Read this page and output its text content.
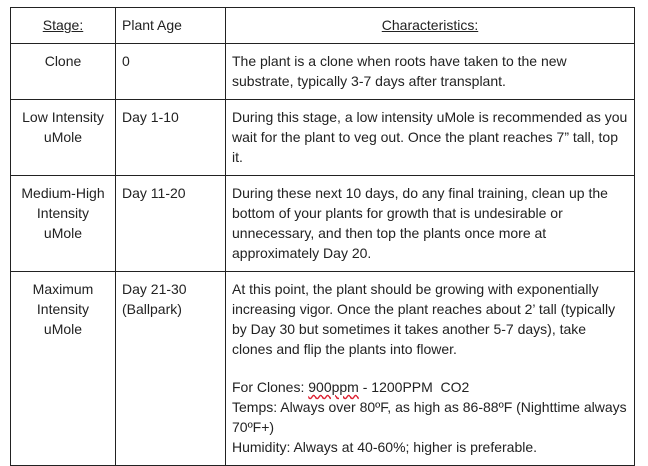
Stage:	Plant Age	Characteristics:
Clone	0	The plant is a clone when roots have taken to the new substrate, typically 3-7 days after transplant.
Low Intensity uMole	Day 1-10	During this stage, a low intensity uMole is recommended as you wait for the plant to veg out. Once the plant reaches 7” tall, top it.
Medium-High Intensity uMole	Day 11-20	During these next 10 days, do any final training, clean up the bottom of your plants for growth that is undesirable or unnecessary, and then top the plants once more at approximately Day 20.
Maximum Intensity uMole	Day 21-30 (Ballpark)	At this point, the plant should be growing with exponentially increasing vigor. Once the plant reaches about 2’ tall (typically by Day 30 but sometimes it takes another 5-7 days), take clones and flip the plants into flower.
For Clones: 900ppm - 1200PPM  CO2
Temps: Always over 80ºF, as high as 86-88ºF (Nighttime always 70ºF+)
Humidity: Always at 40-60%; higher is preferable.
